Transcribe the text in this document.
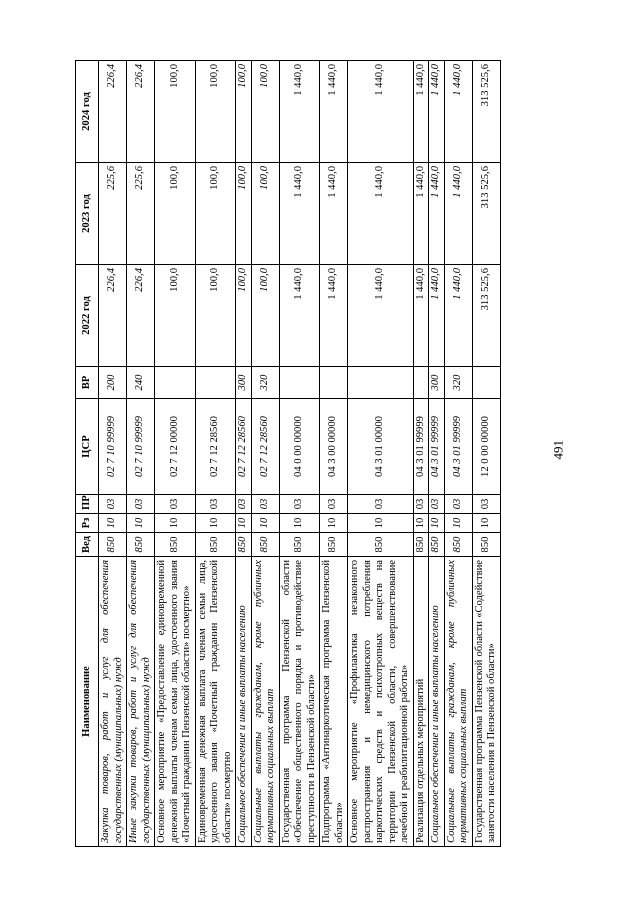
491
Наименование	Вед	Рз	ПР	ЦСР	ВР	2022 год	2023 год	2024 год
Закупка товаров, работ и услуг для обеспечения государственных (муниципальных) нужд	850	10	03	02 7 10 99999	200	226,4	225,6	226,4
Иные закупки товаров, работ и услуг для обеспечения государственных (муниципальных) нужд	850	10	03	02 7 10 99999	240	226,4	225,6	226,4
Основное мероприятие «Предоставление единовременной денежной выплаты членам семьи лица, удостоенного звания «Почетный гражданин Пензенской области» посмертно»	850	10	03	02 7 12 00000		100,0	100,0	100,0
Единовременная денежная выплата членам семьи лица, удостоенного звания «Почетный гражданин Пензенской области» посмертно	850	10	03	02 7 12 28560		100,0	100,0	100,0
Социальное обеспечение и иные выплаты населению	850	10	03	02 7 12 28560	300	100,0	100,0	100,0
Социальные выплаты гражданам, кроме публичных нормативных социальных выплат	850	10	03	02 7 12 28560	320	100,0	100,0	100,0
Государственная программа Пензенской области «Обеспечение общественного порядка и противодействие преступности в Пензенской области»	850	10	03	04 0 00 00000		1 440,0	1 440,0	1 440,0
Подпрограмма «Антинаркотическая программа Пензенской области»	850	10	03	04 3 00 00000		1 440,0	1 440,0	1 440,0
Основное мероприятие «Профилактика незаконного распространения и немедицинского потребления наркотических средств и психотропных веществ на территории Пензенской области, совершенствование лечебной и реабилитационной работы»	850	10	03	04 3 01 00000		1 440,0	1 440,0	1 440,0
Реализация отдельных мероприятий	850	10	03	04 3 01 99999		1 440,0	1 440,0	1 440,0
Социальное обеспечение и иные выплаты населению	850	10	03	04 3 01 99999	300	1 440,0	1 440,0	1 440,0
Социальные выплаты гражданам, кроме публичных нормативных социальных выплат	850	10	03	04 3 01 99999	320	1 440,0	1 440,0	1 440,0
Государственная программа Пензенской области «Содействие занятости населения в Пензенской области»	850	10	03	12 0 00 00000		313 525,6	313 525,6	313 525,6
